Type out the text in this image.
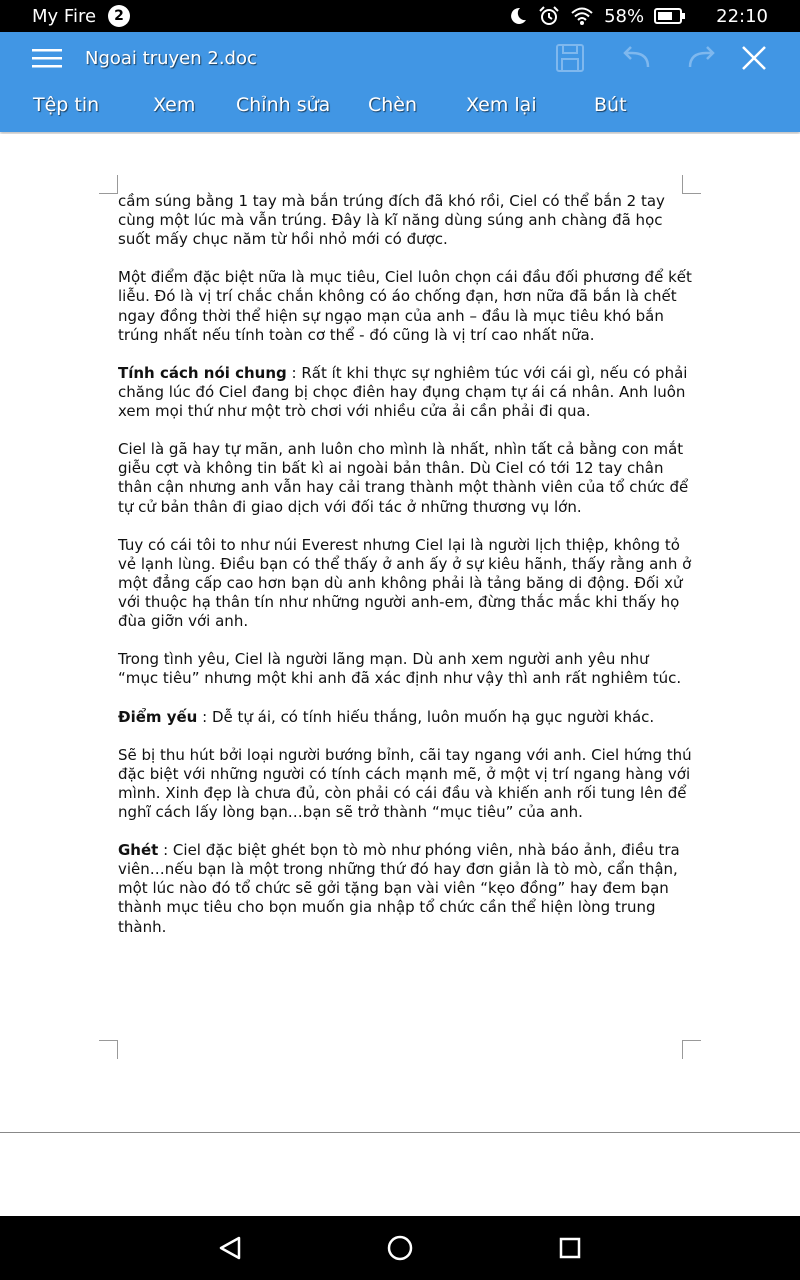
My Fire	2	58%	22:10
Ngoai truyen 2.doc
Tệp tin	Xem Chỉnh sửa Chèn	Xem lại	Bút

cầm súng bằng 1 tay mà bắn trúng đích đã khó rồi, Ciel có thể bắn 2 tay cùng một lúc mà vẫn trúng. Đây là kĩ năng dùng súng anh chàng đã học suốt mấy chục năm từ hồi nhỏ mới có được.

Một điểm đặc biệt nữa là mục tiêu, Ciel luôn chọn cái đầu đối phương để kết liễu. Đó là vị trí chắc chắn không có áo chống đạn, hơn nữa đã bắn là chết ngay đồng thời thể hiện sự ngạo mạn của anh – đầu là mục tiêu khó bắn trúng nhất nếu tính toàn cơ thể - đó cũng là vị trí cao nhất nữa.

Tính cách nói chung : Rất ít khi thực sự nghiêm túc với cái gì, nếu có phải chăng lúc đó Ciel đang bị chọc điên hay đụng chạm tự ái cá nhân. Anh luôn xem mọi thứ như một trò chơi với nhiều cửa ải cần phải đi qua.

Ciel là gã hay tự mãn, anh luôn cho mình là nhất, nhìn tất cả bằng con mắt giễu cợt và không tin bất kì ai ngoài bản thân. Dù Ciel có tới 12 tay chân thân cận nhưng anh vẫn hay cải trang thành một thành viên của tổ chức để tự cử bản thân đi giao dịch với đối tác ở những thương vụ lớn.

Tuy có cái tôi to như núi Everest nhưng Ciel lại là người lịch thiệp, không tỏ vẻ lạnh lùng. Điều bạn có thể thấy ở anh ấy ở sự kiêu hãnh, thấy rằng anh ở một đẳng cấp cao hơn bạn dù anh không phải là tảng băng di động. Đối xử với thuộc hạ thân tín như những người anh-em, đừng thắc mắc khi thấy họ đùa giỡn với anh.

Trong tình yêu, Ciel là người lãng mạn. Dù anh xem người anh yêu như “mục tiêu” nhưng một khi anh đã xác định như vậy thì anh rất nghiêm túc.

Điểm yếu : Dễ tự ái, có tính hiếu thắng, luôn muốn hạ gục người khác.

Sẽ bị thu hút bởi loại người bướng bỉnh, cãi tay ngang với anh. Ciel hứng thú đặc biệt với những người có tính cách mạnh mẽ, ở một vị trí ngang hàng với mình. Xinh đẹp là chưa đủ, còn phải có cái đầu và khiến anh rối tung lên để nghĩ cách lấy lòng bạn…bạn sẽ trở thành “mục tiêu” của anh.

Ghét : Ciel đặc biệt ghét bọn tò mò như phóng viên, nhà báo ảnh, điều tra viên…nếu bạn là một trong những thứ đó hay đơn giản là tò mò, cẩn thận, một lúc nào đó tổ chức sẽ gởi tặng bạn vài viên “kẹo đồng” hay đem bạn thành mục tiêu cho bọn muốn gia nhập tổ chức cần thể hiện lòng trung thành.
